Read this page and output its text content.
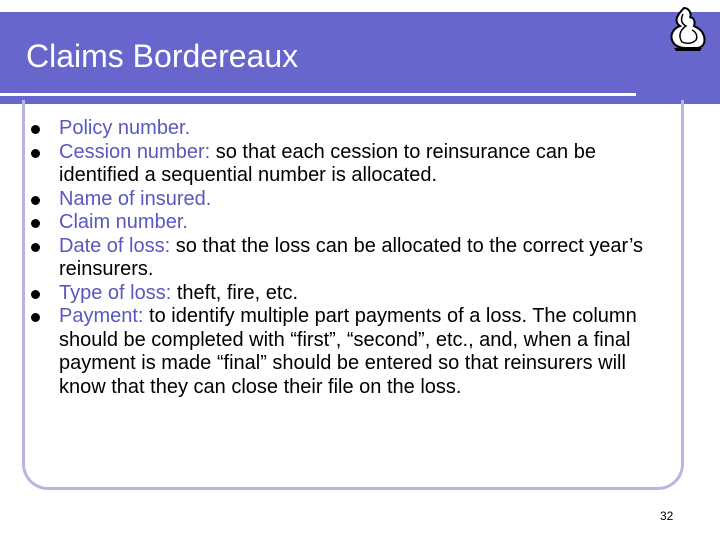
Claims Bordereaux
Policy number.
Cession number: so that each cession to reinsurance can be identified a sequential number is allocated.
Name of insured.
Claim number.
Date of loss: so that the loss can be allocated to the correct year’s reinsurers.
Type of loss: theft, fire, etc.
Payment: to identify multiple part payments of a loss. The column should be completed with “first”, “second”, etc., and, when a final payment is made “final” should be entered so that reinsurers will know that they can close their file on the loss.
32
